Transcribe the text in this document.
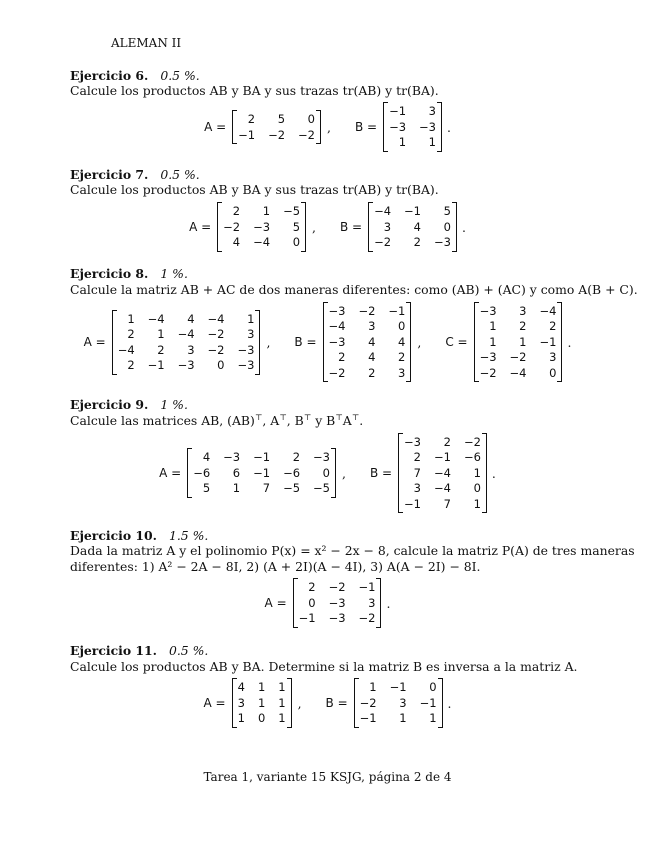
ALEMAN II
Ejercicio 6. 0.5 %.
Calcule los productos AB y BA y sus trazas tr(AB) y tr(BA).
A =
2	5	0
−1 −2 −2 , B =
−1	3
−3 −3
1	1
.
Ejercicio 7. 0.5 %.
Calcule los productos AB y BA y sus trazas tr(AB) y tr(BA).
A =
2	1 −5
−2 −3	5
4 −4	0
, B =
−4 −1	5
3	4	0
−2	2 −3
.
Ejercicio 8. 1 %.
Calcule la matriz AB + AC de dos maneras diferentes: como (AB) + (AC) y como A(B + C).
A =
1 −4	4 −4	1
2	1 −4 −2	3
−4	2	3 −2 −3
2 −1 −3	0 −3
, B =
−3 −2 −1
−4	3	0
−3	4	4
2	4	2
−2	2	3
, C =
−3	3 −4
1	2	2
1	1 −1
−3 −2	3
−2 −4	0
.
Ejercicio 9. 1 %.
Calcule las matrices AB, (AB)⊤, A⊤, B⊤ y B⊤A⊤.
A =
4 −3 −1	2 −3
−6	6 −1 −6	0
5	1	7 −5 −5
, B =
−3	2 −2
2 −1 −6
7 −4	1
3 −4	0
−1	7	1
.
Ejercicio 10. 1.5 %.
Dada la matriz A y el polinomio P(x) = x² − 2x − 8, calcule la matriz P(A) de tres maneras
diferentes: 1) A² − 2A − 8I, 2) (A + 2I)(A − 4I), 3) A(A − 2I) − 8I.
A =
2 −2 −1
0 −3	3
−1 −3 −2
.
Ejercicio 11. 0.5 %.
Calcule los productos AB y BA. Determine si la matriz B es inversa a la matriz A.
A =
4 1 1
3 1 1
1 0 1
, B =
1 −1	0
−2	3 −1
−1	1	1
.
Tarea 1, variante 15 KSJG, página 2 de 4
